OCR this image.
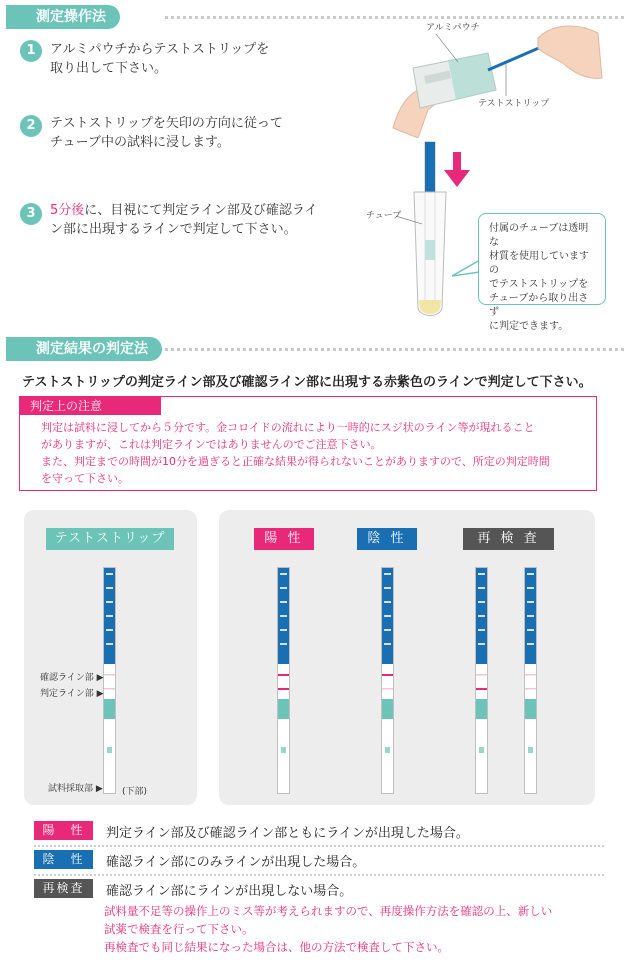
測定操作法
1	アルミパウチからテストストリップを
取り出して下さい。
2	テストストリップを矢印の方向に従って
チューブ中の試料に浸します。
3	5分後に、目視にて判定ライン部及び確認ライ
ン部に出現するラインで判定して下さい。
アルミパウチ
テストストリップ
チューブ
付属のチューブは透明な
材質を使用していますの
でテストストリップを
チューブから取り出さず
に判定できます。
測定結果の判定法
テストストリップの判定ライン部及び確認ライン部に出現する赤紫色のラインで判定して下さい。
判定上の注意
判定は試料に浸してから５分です。金コロイドの流れにより一時的にスジ状のライン等が現れること
がありますが、これは判定ラインではありませんのでご注意下さい。
また、判定までの時間が10分を過ぎると正確な結果が得られないことがありますので、所定の判定時間
を守って下さい。
テストストリップ	陽 性	陰 性	再 検 査
確認ライン部 ▶
判定ライン部 ▶
試料採取部 ▶ (下部)
陽　性	判定ライン部及び確認ライン部ともにラインが出現した場合。
陰　性	確認ライン部にのみラインが出現した場合。
再検査	確認ライン部にラインが出現しない場合。
試料量不足等の操作上のミス等が考えられますので、再度操作方法を確認の上、新しい
試薬で検査を行って下さい。
再検査でも同じ結果になった場合は、他の方法で検査して下さい。
